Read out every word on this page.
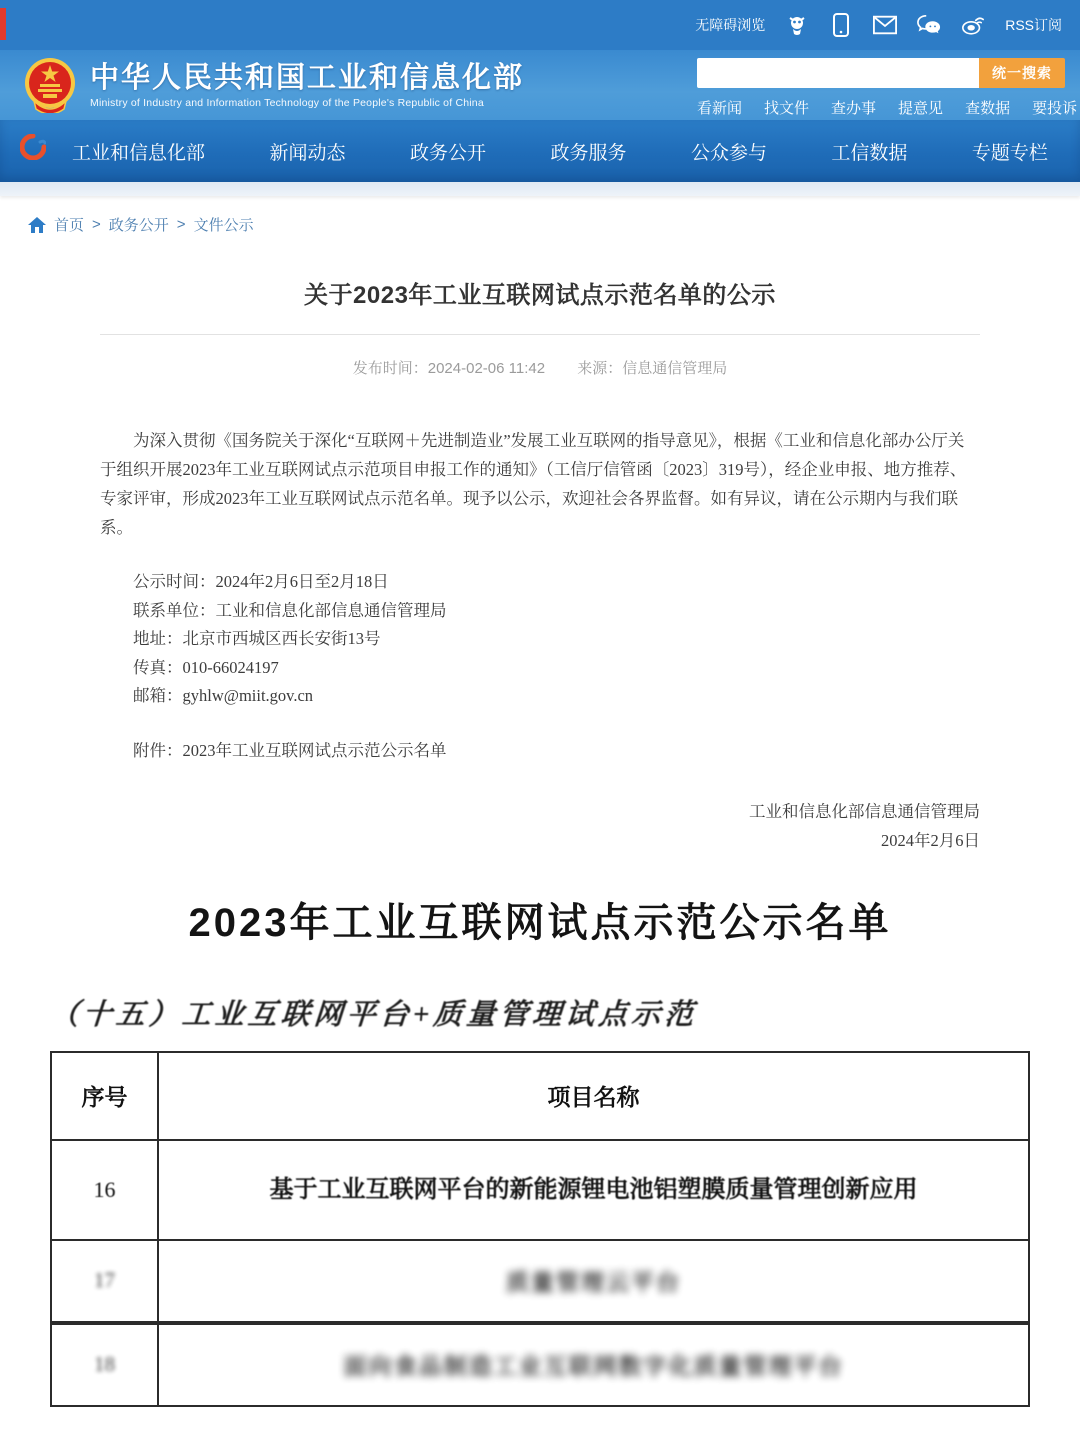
无障碍浏览	RSS订阅
中华人民共和国工业和信息化部
Ministry of Industry and Information Technology of the People's Republic of China
统一搜索
看新闻 找文件 查办事 提意见 查数据 要投诉
工业和信息化部	新闻动态	政务公开	政务服务	公众参与	工信数据	专题专栏
首页 > 政务公开 > 文件公示
关于2023年工业互联网试点示范名单的公示
发布时间：2024-02-06 11:42 来源：信息通信管理局

为深入贯彻《国务院关于深化“互联网＋先进制造业”发展工业互联网的指导意见》，根据《工业和信息化部办公厅关于组织开展2023年工业互联网试点示范项目申报工作的通知》（工信厅信管函〔2023〕319号），经企业申报、地方推荐、专家评审，形成2023年工业互联网试点示范名单。现予以公示，欢迎社会各界监督。如有异议，请在公示期内与我们联系。

公示时间：2024年2月6日至2月18日
联系单位：工业和信息化部信息通信管理局
地址：北京市西城区西长安街13号
传真：010-66024197
邮箱：gyhlw@miit.gov.cn
附件：2023年工业互联网试点示范公示名单
工业和信息化部信息通信管理局
2024年2月6日
2023年工业互联网试点示范公示名单
（十五）工业互联网平台+质量管理试点示范
序号	项目名称
16	基于工业互联网平台的新能源锂电池铝塑膜质量管理创新应用
17	质量管理云平台
18	面向食品制造工业互联网数字化质量管理平台
